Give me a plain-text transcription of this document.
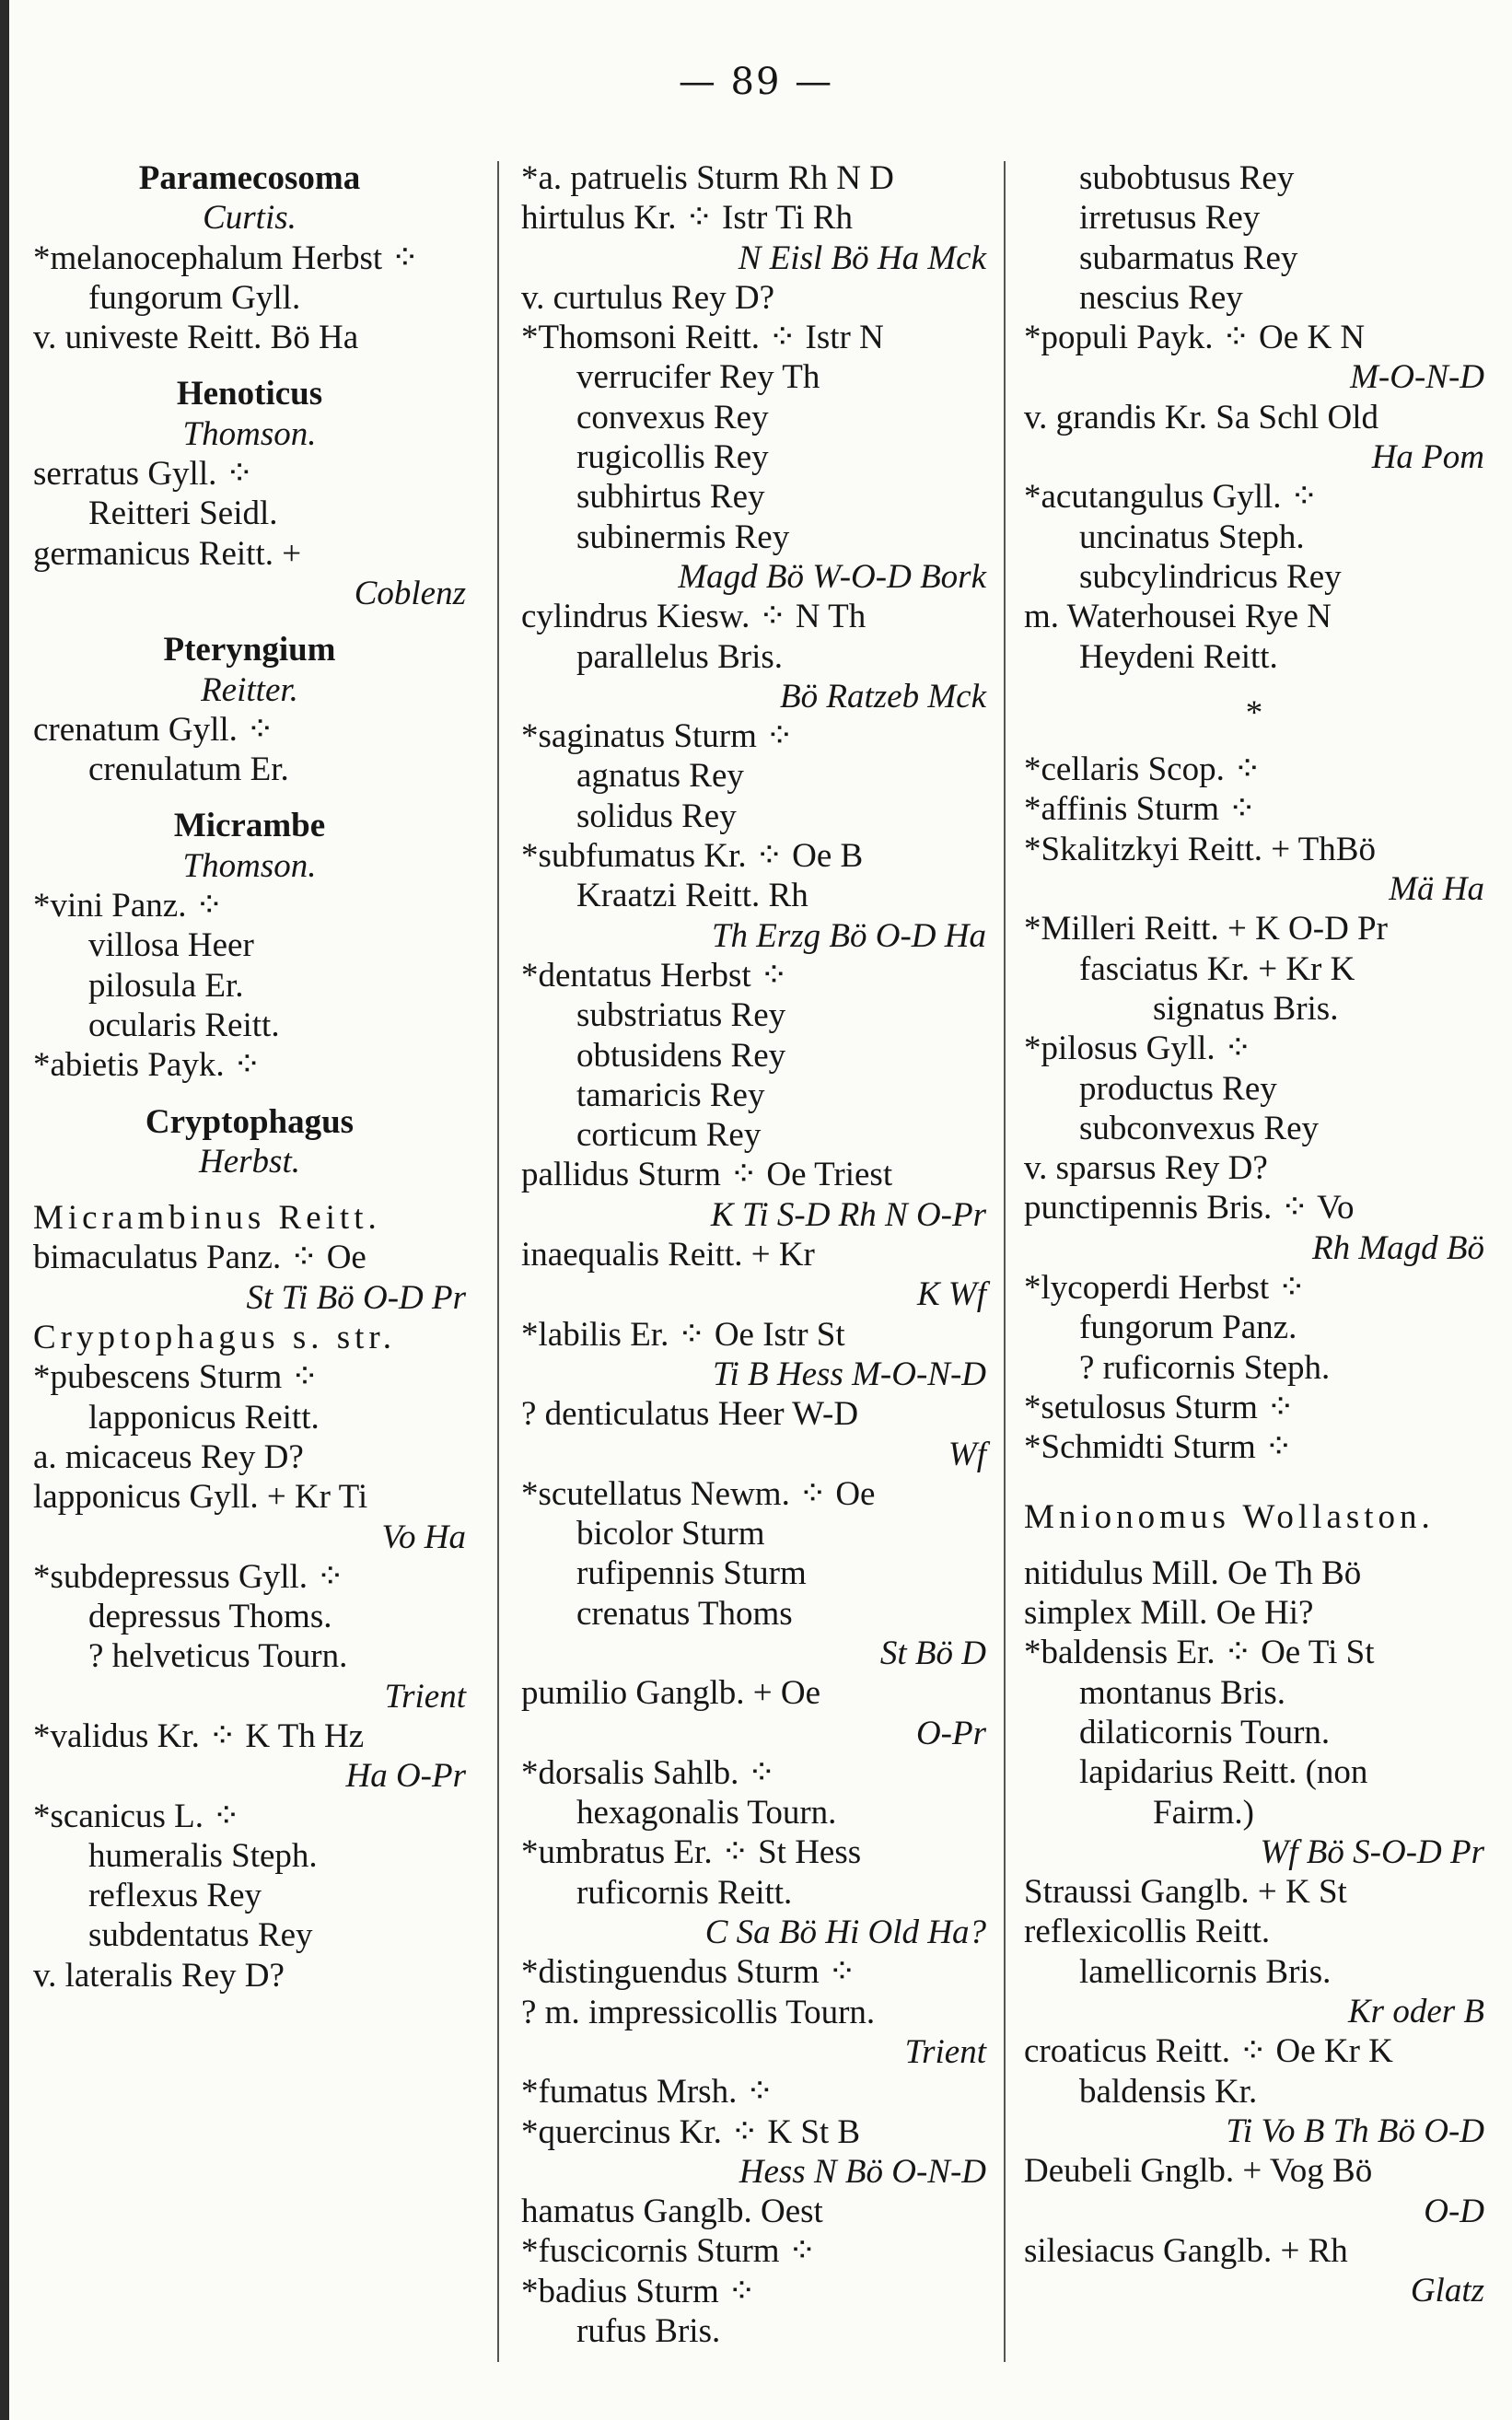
— 89 —
Paramecosoma
Curtis.
*melanocephalum Herbst ⁘
fungorum Gyll.
v. univeste Reitt. Bö Ha
Henoticus
Thomson.
serratus Gyll. ⁘
Reitteri Seidl.
germanicus Reitt. +
Coblenz
Pteryngium
Reitter.
crenatum Gyll. ⁘
crenulatum Er.
Micrambe
Thomson.
*vini Panz. ⁘
villosa Heer
pilosula Er.
ocularis Reitt.
*abietis Payk. ⁘
Cryptophagus
Herbst.
Micrambinus Reitt.
bimaculatus Panz. ⁘ Oe
St Ti Bö O-D Pr
Cryptophagus s. str.
*pubescens Sturm ⁘
lapponicus Reitt.
a. micaceus Rey D?
lapponicus Gyll. + Kr Ti
Vo Ha
*subdepressus Gyll. ⁘
depressus Thoms.
? helveticus Tourn.
Trient
*validus Kr. ⁘ K Th Hz
Ha O-Pr
*scanicus L. ⁘
humeralis Steph.
reflexus Rey
subdentatus Rey
v. lateralis Rey D?
*a. patruelis Sturm Rh N D
hirtulus Kr. ⁘ Istr Ti Rh
N Eisl Bö Ha Mck
v. curtulus Rey D?
*Thomsoni Reitt. ⁘ Istr N
verrucifer Rey Th
convexus Rey
rugicollis Rey
subhirtus Rey
subinermis Rey
Magd Bö W-O-D Bork
cylindrus Kiesw. ⁘ N Th
parallelus Bris.
Bö Ratzeb Mck
*saginatus Sturm ⁘
agnatus Rey
solidus Rey
*subfumatus Kr. ⁘ Oe B
Kraatzi Reitt. Rh
Th Erzg Bö O-D Ha
*dentatus Herbst ⁘
substriatus Rey
obtusidens Rey
tamaricis Rey
corticum Rey
pallidus Sturm ⁘ Oe Triest
K Ti S-D Rh N O-Pr
inaequalis Reitt. + Kr
K Wf
*labilis Er. ⁘ Oe Istr St
Ti B Hess M-O-N-D
? denticulatus Heer W-D
Wf
*scutellatus Newm. ⁘ Oe
bicolor Sturm
rufipennis Sturm
crenatus Thoms
St Bö D
pumilio Ganglb. + Oe
O-Pr
*dorsalis Sahlb. ⁘
hexagonalis Tourn.
*umbratus Er. ⁘ St Hess
ruficornis Reitt.
C Sa Bö Hi Old Ha?
*distinguendus Sturm ⁘
? m. impressicollis Tourn.
Trient
*fumatus Mrsh. ⁘
*quercinus Kr. ⁘ K St B
Hess N Bö O-N-D
hamatus Ganglb. Oest
*fuscicornis Sturm ⁘
*badius Sturm ⁘
rufus Bris.
subobtusus Rey
irretusus Rey
subarmatus Rey
nescius Rey
*populi Payk. ⁘ Oe K N
M-O-N-D
v. grandis Kr. Sa Schl Old
Ha Pom
*acutangulus Gyll. ⁘
uncinatus Steph.
subcylindricus Rey
m. Waterhousei Rye N
Heydeni Reitt.
*
*cellaris Scop. ⁘
*affinis Sturm ⁘
*Skalitzkyi Reitt. + ThBö
Mä Ha
*Milleri Reitt. + K O-D Pr
fasciatus Kr. + Kr K
signatus Bris.
*pilosus Gyll. ⁘
productus Rey
subconvexus Rey
v. sparsus Rey D?
punctipennis Bris. ⁘ Vo
Rh Magd Bö
*lycoperdi Herbst ⁘
fungorum Panz.
? ruficornis Steph.
*setulosus Sturm ⁘
*Schmidti Sturm ⁘
Mnionomus Wollaston.
nitidulus Mill. Oe Th Bö
simplex Mill. Oe Hi?
*baldensis Er. ⁘ Oe Ti St
montanus Bris.
dilaticornis Tourn.
lapidarius Reitt. (non
Fairm.)
Wf Bö S-O-D Pr
Straussi Ganglb. + K St
reflexicollis Reitt.
lamellicornis Bris.
Kr oder B
croaticus Reitt. ⁘ Oe Kr K
baldensis Kr.
Ti Vo B Th Bö O-D
Deubeli Gnglb. + Vog Bö
O-D
silesiacus Ganglb. + Rh
Glatz
